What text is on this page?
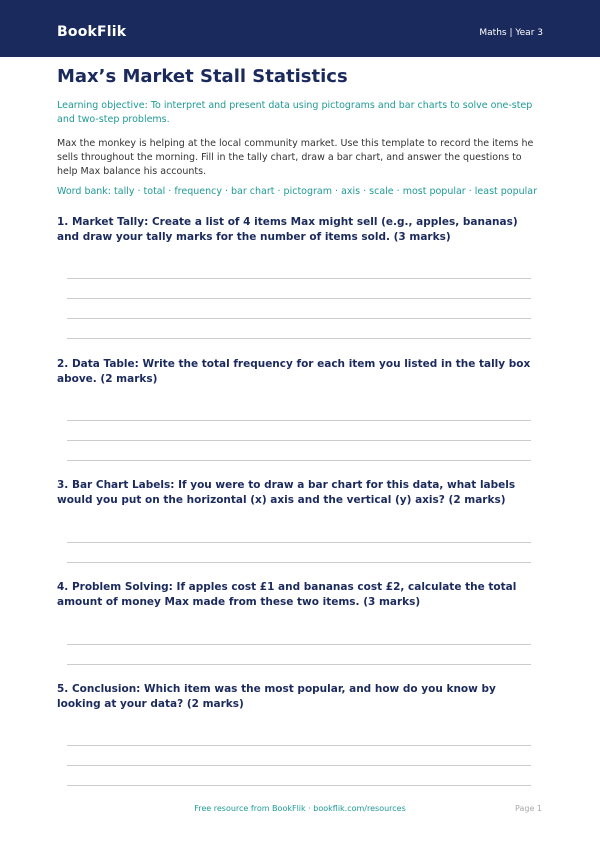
BookFlik	Maths | Year 3
Max’s Market Stall Statistics
Learning objective: To interpret and present data using pictograms and bar charts to solve one-step and two-step problems.
Max the monkey is helping at the local community market. Use this template to record the items he sells throughout the morning. Fill in the tally chart, draw a bar chart, and answer the questions to help Max balance his accounts.
Word bank: tally · total · frequency · bar chart · pictogram · axis · scale · most popular · least popular
1. Market Tally: Create a list of 4 items Max might sell (e.g., apples, bananas) and draw your tally marks for the number of items sold. (3 marks)
2. Data Table: Write the total frequency for each item you listed in the tally box above. (2 marks)
3. Bar Chart Labels: If you were to draw a bar chart for this data, what labels would you put on the horizontal (x) axis and the vertical (y) axis? (2 marks)
4. Problem Solving: If apples cost £1 and bananas cost £2, calculate the total amount of money Max made from these two items. (3 marks)
5. Conclusion: Which item was the most popular, and how do you know by looking at your data? (2 marks)
Free resource from BookFlik · bookflik.com/resources	Page 1
